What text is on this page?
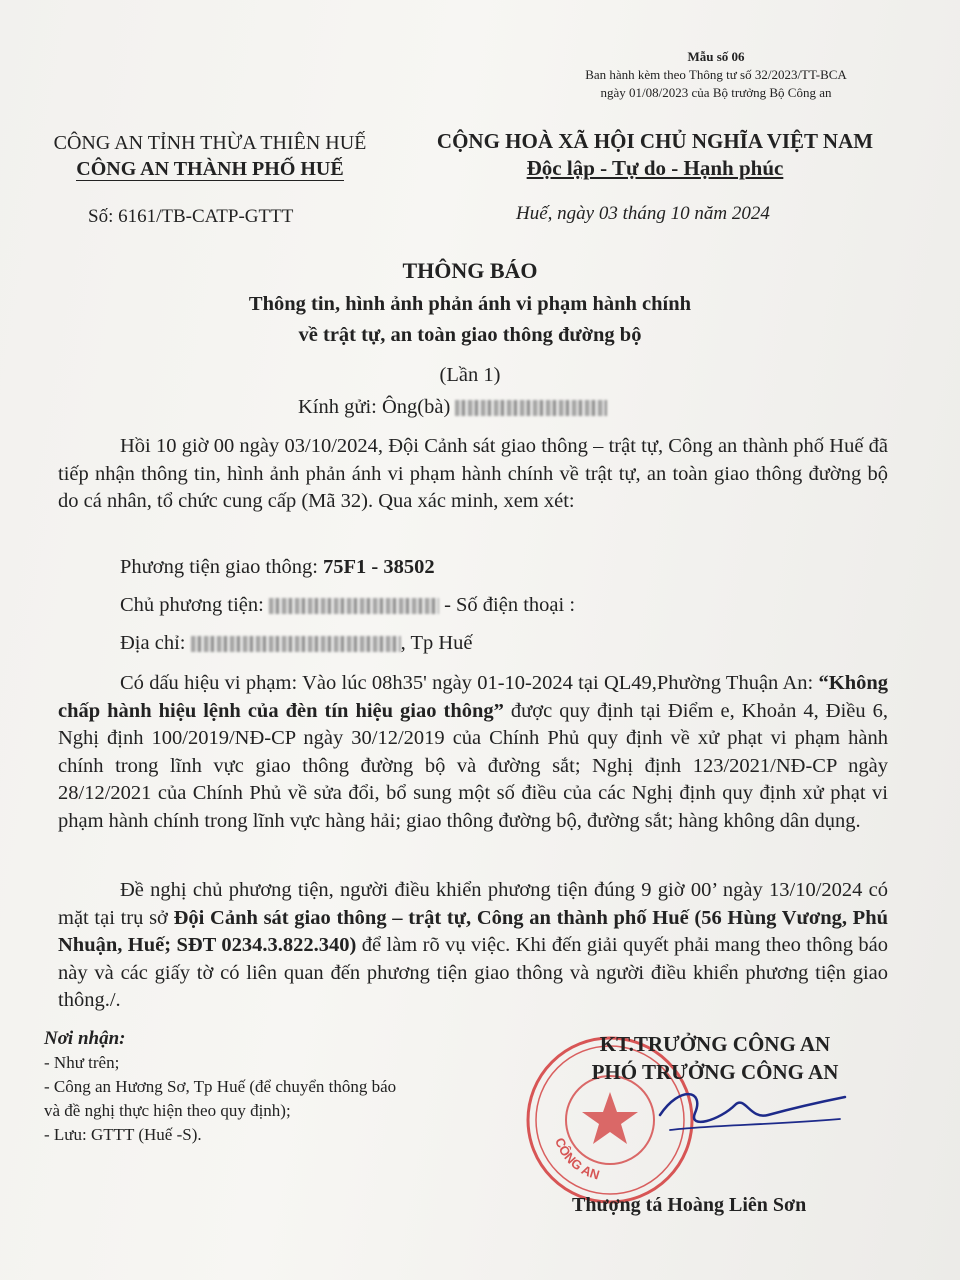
Mẫu số 06
Ban hành kèm theo Thông tư số 32/2023/TT-BCA
ngày 01/08/2023 của Bộ trưởng Bộ Công an
CÔNG AN TỈNH THỪA THIÊN HUẾ
CÔNG AN THÀNH PHỐ HUẾ
Số: 6161/TB-CATP-GTTT
CỘNG HOÀ XÃ HỘI CHỦ NGHĨA VIỆT NAM
Độc lập - Tự do - Hạnh phúc
Huế, ngày 03 tháng 10 năm 2024
THÔNG BÁO
Thông tin, hình ảnh phản ánh vi phạm hành chính
về trật tự, an toàn giao thông đường bộ
(Lần 1)
Kính gửi: Ông(bà)
Hồi 10 giờ 00 ngày 03/10/2024, Đội Cảnh sát giao thông – trật tự, Công an thành phố Huế đã tiếp nhận thông tin, hình ảnh phản ánh vi phạm hành chính về trật tự, an toàn giao thông đường bộ do cá nhân, tổ chức cung cấp (Mã 32). Qua xác minh, xem xét:
Phương tiện giao thông: 75F1 - 38502
Chủ phương tiện:	- Số điện thoại :
Địa chỉ:	, Tp Huế
Có dấu hiệu vi phạm: Vào lúc 08h35' ngày 01-10-2024 tại QL49,Phường Thuận An: “Không chấp hành hiệu lệnh của đèn tín hiệu giao thông” được quy định tại Điểm e, Khoản 4, Điều 6, Nghị định 100/2019/NĐ-CP ngày 30/12/2019 của Chính Phủ quy định về xử phạt vi phạm hành chính trong lĩnh vực giao thông đường bộ và đường sắt; Nghị định 123/2021/NĐ-CP ngày 28/12/2021 của Chính Phủ về sửa đổi, bổ sung một số điều của các Nghị định quy định xử phạt vi phạm hành chính trong lĩnh vực hàng hải; giao thông đường bộ, đường sắt; hàng không dân dụng.
Đề nghị chủ phương tiện, người điều khiển phương tiện đúng 9 giờ 00’ ngày 13/10/2024 có mặt tại trụ sở Đội Cảnh sát giao thông – trật tự, Công an thành phố Huế (56 Hùng Vương, Phú Nhuận, Huế; SĐT 0234.3.822.340) để làm rõ vụ việc. Khi đến giải quyết phải mang theo thông báo này và các giấy tờ có liên quan đến phương tiện giao thông và người điều khiển phương tiện giao thông./.
Nơi nhận:
- Như trên;
- Công an Hương Sơ, Tp Huế (để chuyển thông báo
và đề nghị thực hiện theo quy định);
- Lưu: GTTT (Huế -S).	CÔNG AN
KT.TRƯỞNG CÔNG AN
PHÓ TRƯỞNG CÔNG AN
Thượng tá Hoàng Liên Sơn
